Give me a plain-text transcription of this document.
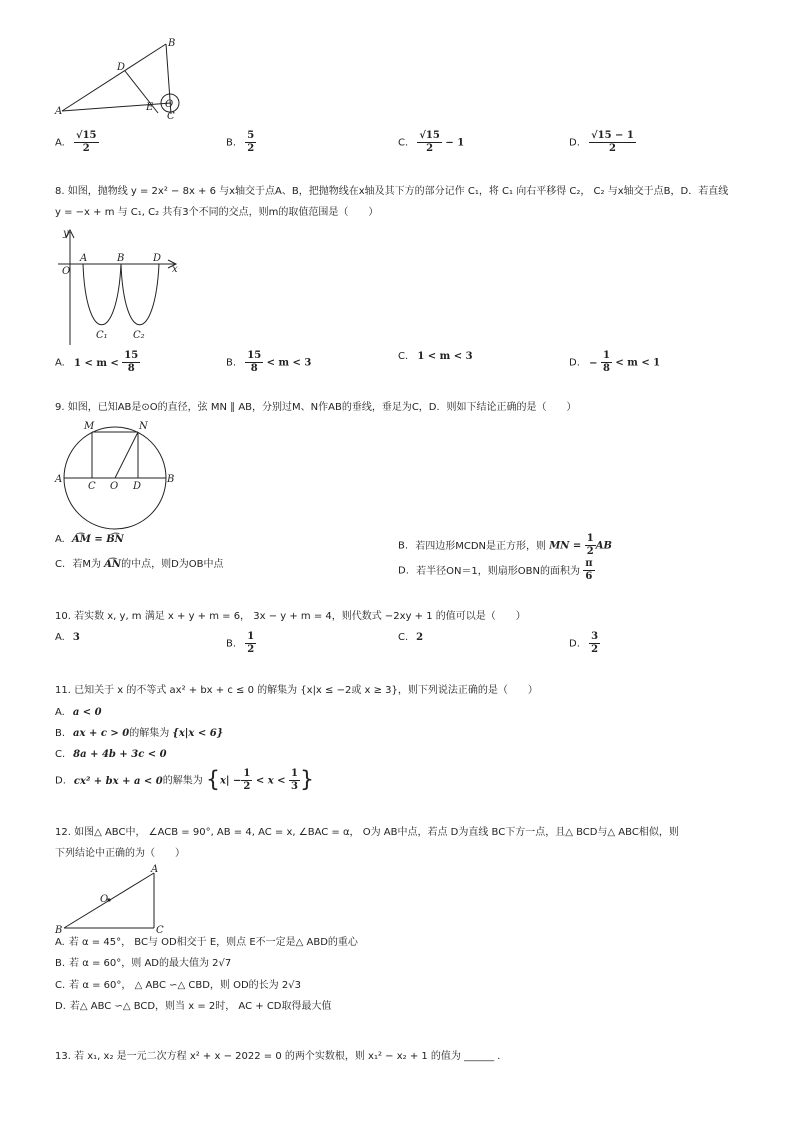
A
B
D
E O
C
A. $\frac{√15}{2}$	B. $\frac{5}{2}$	C. $\frac{√15}{2} - 1$	D. $\frac{√15 - 1}{2}$
8. 如图，抛物线 y = 2x² − 8x + 6 与x轴交于点A、B，把抛物线在x轴及其下方的部分记作 C₁，将 C₁ 向右平移得 C₂， C₂ 与x轴交于点B，D．若直线
y = −x + m 与 C₁, C₂ 共有3个不同的交点，则m的取值范围是（　　）
y
x
O
A	B	D
C₁	C₂
A. $1 < m < \frac{15}{8}$	B. $\frac{15}{8} < m < 3$
C. 1 < m < 3
D. − $\frac{1}{8} < m < 1$
9. 如图，已知AB是⊙O的直径，弦 MN ∥ AB，分别过M、N作AB的垂线，垂足为C，D．则如下结论正确的是（　　）
M	N
A	B
C O D
A. A͡M = B͡N
B. 若四边形MCDN是正方形，则 MN = $\frac{1}{2}$ AB
C. 若M为 A͡N的中点，则D为OB中点
D. 若半径ON＝1，则扇形OBN的面积为 $\frac{\pi}{6}$
10. 若实数 x, y, m 满足 x + y + m = 6， 3x − y + m = 4，则代数式 −2xy + 1 的值可以是（　　）
A. 3
B. $\frac{1}{2}$	C. 2
D. $\frac{3}{2}$
11. 已知关于 x 的不等式 ax² + bx + c ≤ 0 的解集为 {x|x ≤ −2或 x ≥ 3}，则下列说法正确的是（　　）
A. a < 0
B. ax + c > 0的解集为 {x|x < 6}
C. 8a + 4b + 3c < 0
D. cx² + bx + a < 0的解集为 {$x| - \frac{1}{2} < x < \frac{1}{3}$ }
12. 如图△ ABC中， ∠ACB = 90°, AB = 4, AC = x, ∠BAC = α， O为 AB中点，若点 D为直线 BC下方一点，且△ BCD与△ ABC相似，则
下列结论中正确的为（　　）
A
B	C
O
A. 若 α = 45°， BC与 OD相交于 E，则点 E不一定是△ ABD的重心
B. 若 α = 60°，则 AD的最大值为 2√7
C. 若 α = 60°， △ ABC ∽△ CBD，则 OD的长为 2√3
D. 若△ ABC ∽△ BCD，则当 x = 2时， AC + CD取得最大值
13. 若 x₁, x₂ 是一元二次方程 x² + x − 2022 = 0 的两个实数根，则 x₁² − x₂ + 1 的值为 ______ ．
